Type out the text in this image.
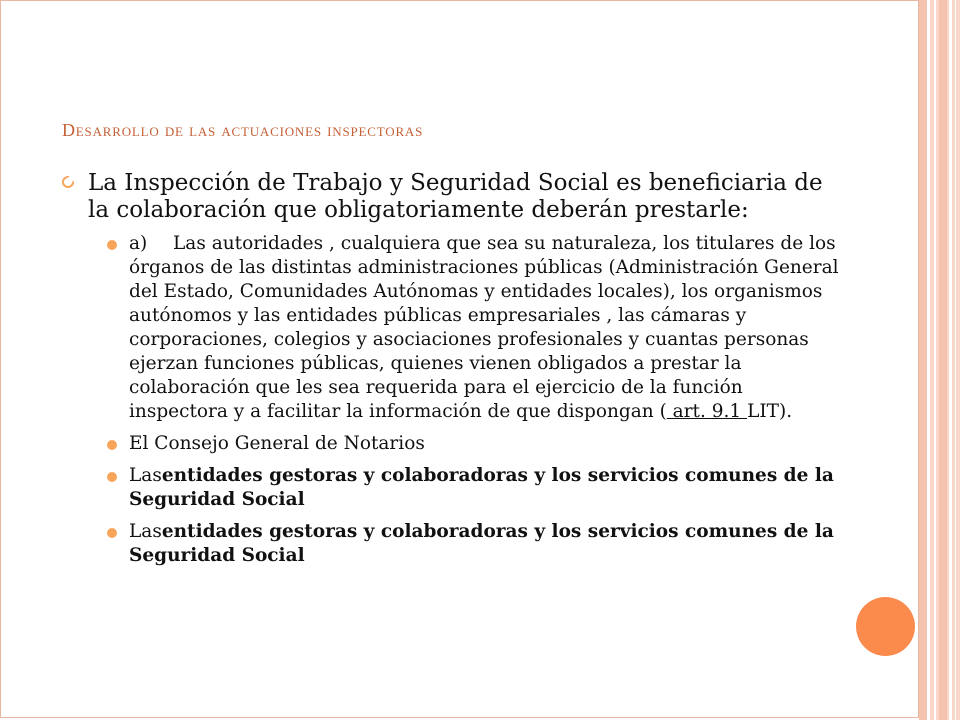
Desarrollo de las actuaciones inspectoras
La Inspección de Trabajo y Seguridad Social es beneficiaria de la colaboración que obligatoriamente deberán prestarle:
a) Las autoridades , cualquiera que sea su naturaleza, los titulares de los órganos de las distintas administraciones públicas (Administración General del Estado, Comunidades Autónomas y entidades locales), los organismos autónomos y las entidades públicas empresariales , las cámaras y corporaciones, colegios y asociaciones profesionales y cuantas personas ejerzan funciones públicas, quienes vienen obligados a prestar la colaboración que les sea requerida para el ejercicio de la función inspectora y a facilitar la información de que dispongan ( art. 9.1 LIT).
El Consejo General de Notarios
Lasentidades gestoras y colaboradoras y los servicios comunes de la Seguridad Social
Lasentidades gestoras y colaboradoras y los servicios comunes de la Seguridad Social
